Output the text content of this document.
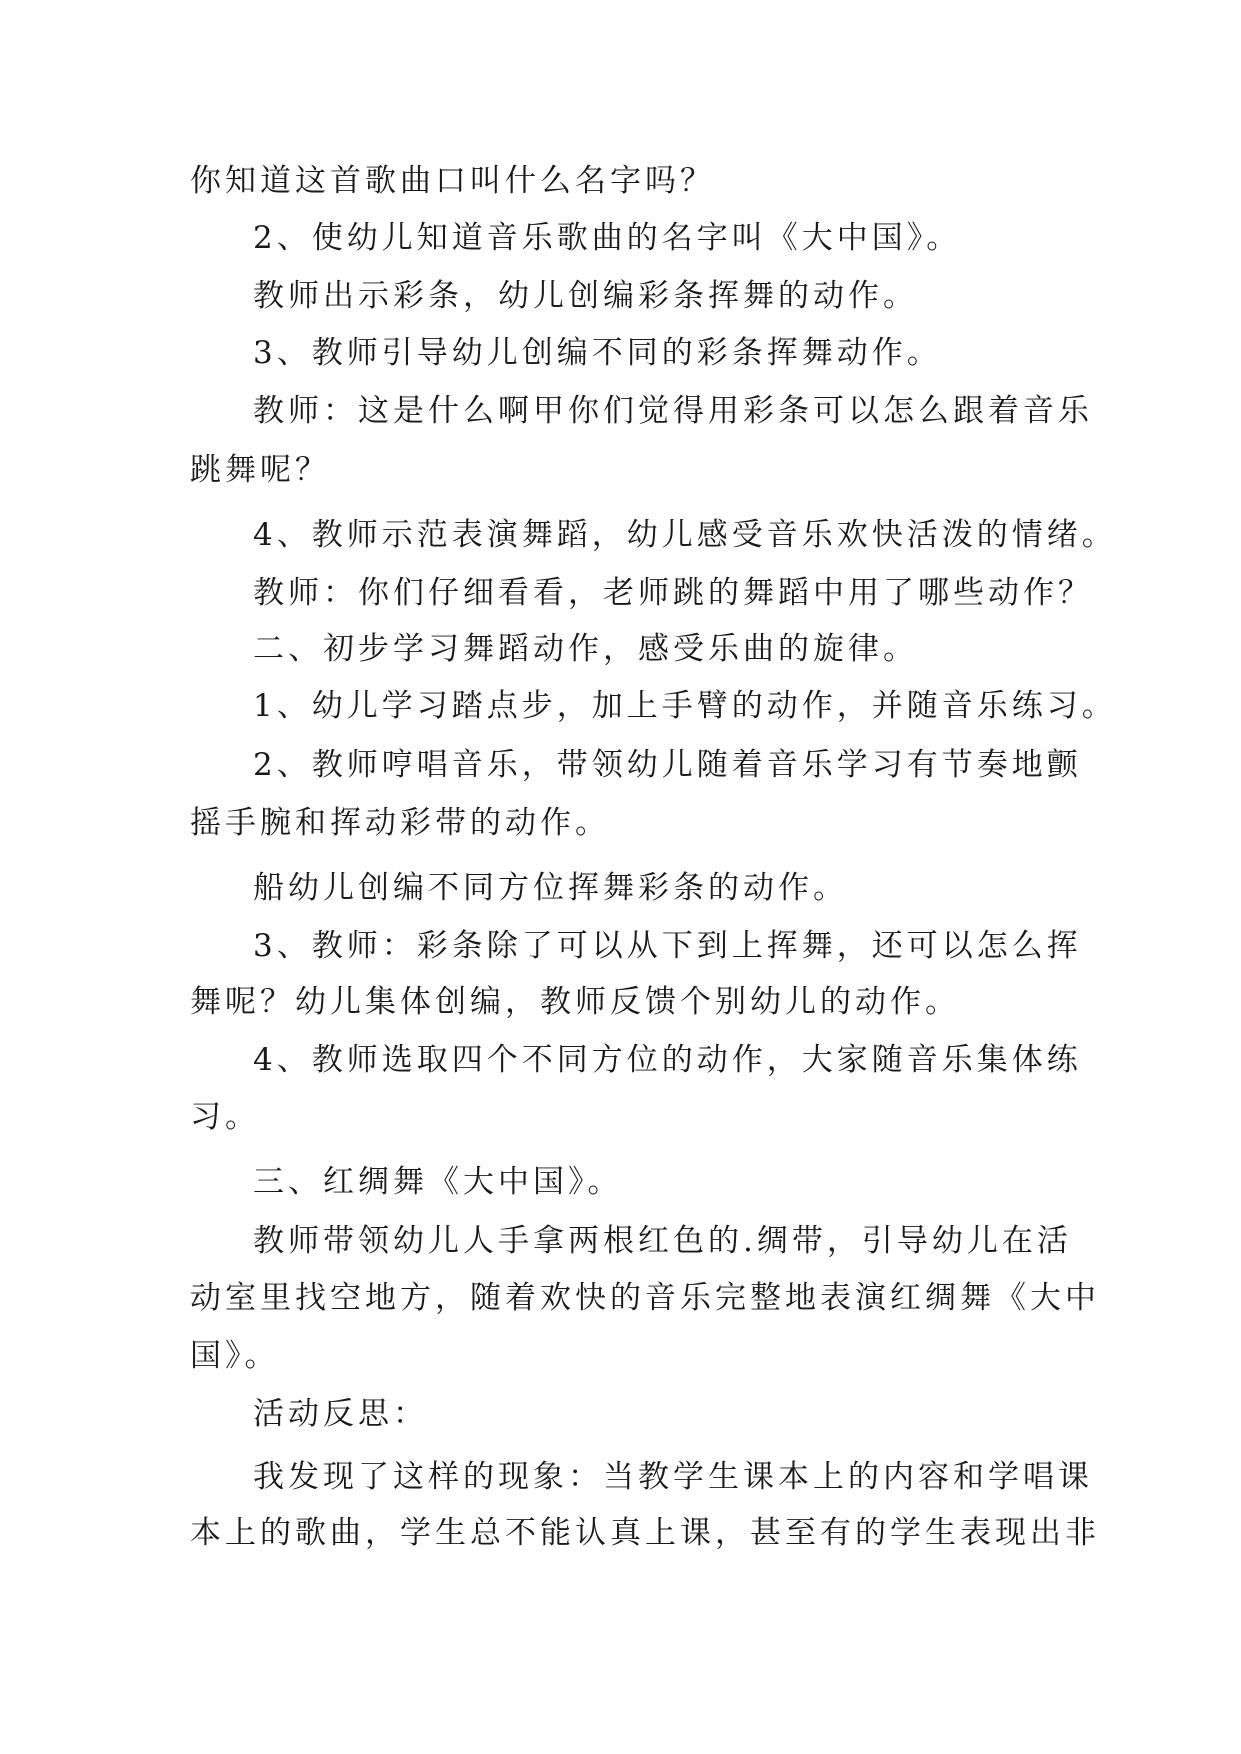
你知道这首歌曲口叫什么名字吗？
2、使幼儿知道音乐歌曲的名字叫《大中国》。
教师出示彩条，幼儿创编彩条挥舞的动作。
3、教师引导幼儿创编不同的彩条挥舞动作。
教师：这是什么啊甲你们觉得用彩条可以怎么跟着音乐
跳舞呢？
4、教师示范表演舞蹈，幼儿感受音乐欢快活泼的情绪。
教师：你们仔细看看，老师跳的舞蹈中用了哪些动作？
二、初步学习舞蹈动作，感受乐曲的旋律。
1、幼儿学习踏点步，加上手臂的动作，并随音乐练习。
2、教师哼唱音乐，带领幼儿随着音乐学习有节奏地颤
摇手腕和挥动彩带的动作。
船幼儿创编不同方位挥舞彩条的动作。
3、教师：彩条除了可以从下到上挥舞，还可以怎么挥
舞呢？幼儿集体创编，教师反馈个别幼儿的动作。
4、教师选取四个不同方位的动作，大家随音乐集体练
习。
三、红绸舞《大中国》。
教师带领幼儿人手拿两根红色的.绸带，引导幼儿在活
动室里找空地方，随着欢快的音乐完整地表演红绸舞《大中
国》。
活动反思：
我发现了这样的现象：当教学生课本上的内容和学唱课
本上的歌曲，学生总不能认真上课，甚至有的学生表现出非
